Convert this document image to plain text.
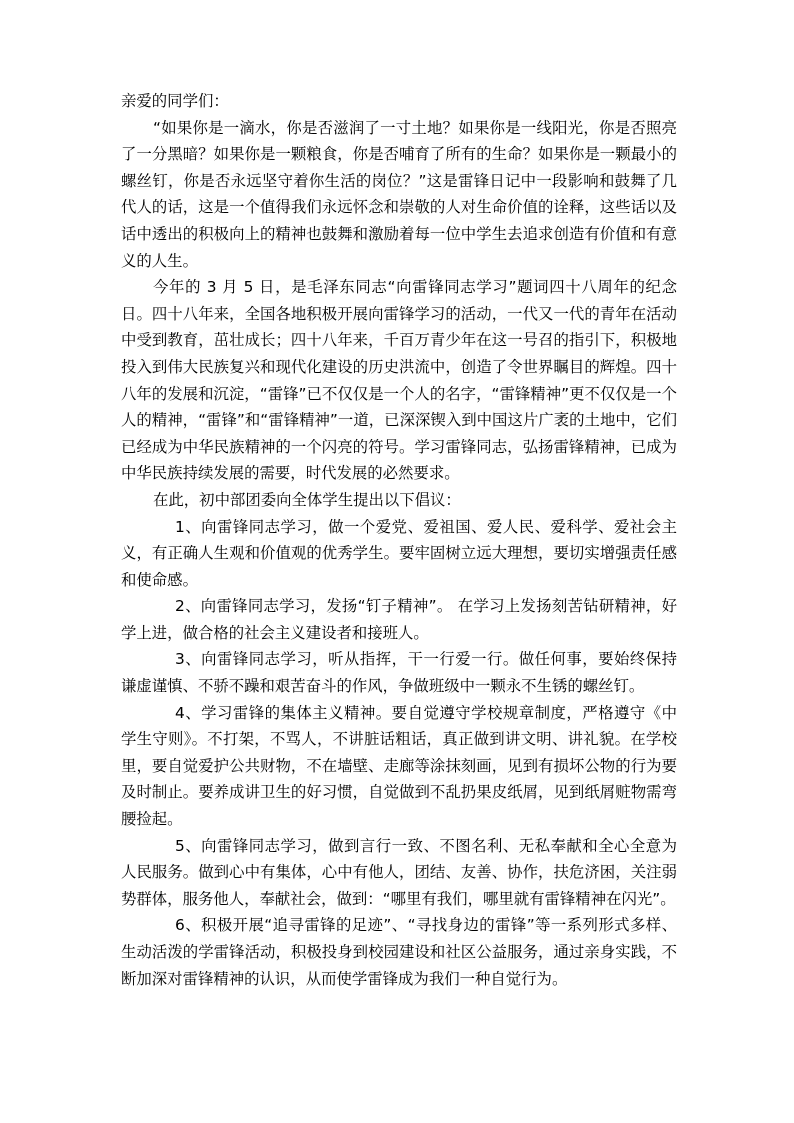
亲爱的同学们：

“如果你是一滴水，你是否滋润了一寸土地？如果你是一线阳光，你是否照亮了一分黑暗？如果你是一颗粮食，你是否哺育了所有的生命？如果你是一颗最小的螺丝钉，你是否永远坚守着你生活的岗位？”这是雷锋日记中一段影响和鼓舞了几代人的话，这是一个值得我们永远怀念和崇敬的人对生命价值的诠释，这些话以及话中透出的积极向上的精神也鼓舞和激励着每一位中学生去追求创造有价值和有意义的人生。

今年的 3 月 5 日，是毛泽东同志“向雷锋同志学习”题词四十八周年的纪念日。四十八年来，全国各地积极开展向雷锋学习的活动，一代又一代的青年在活动中受到教育，茁壮成长；四十八年来，千百万青少年在这一号召的指引下，积极地投入到伟大民族复兴和现代化建设的历史洪流中，创造了令世界瞩目的辉煌。四十八年的发展和沉淀，“雷锋”已不仅仅是一个人的名字，“雷锋精神”更不仅仅是一个人的精神，“雷锋”和“雷锋精神”一道，已深深锲入到中国这片广袤的土地中，它们已经成为中华民族精神的一个闪亮的符号。学习雷锋同志，弘扬雷锋精神，已成为中华民族持续发展的需要，时代发展的必然要求。

在此，初中部团委向全体学生提出以下倡议：

1、向雷锋同志学习，做一个爱党、爱祖国、爱人民、爱科学、爱社会主义，有正确人生观和价值观的优秀学生。要牢固树立远大理想，要切实增强责任感和使命感。

2、向雷锋同志学习，发扬“钉子精神”。 在学习上发扬刻苦钻研精神，好学上进，做合格的社会主义建设者和接班人。

3、向雷锋同志学习，听从指挥，干一行爱一行。做任何事，要始终保持谦虚谨慎、不骄不躁和艰苦奋斗的作风，争做班级中一颗永不生锈的螺丝钉。

4、学习雷锋的集体主义精神。要自觉遵守学校规章制度，严格遵守《中学生守则》。不打架，不骂人，不讲脏话粗话，真正做到讲文明、讲礼貌。在学校里，要自觉爱护公共财物，不在墙壁、走廊等涂抹刻画，见到有损坏公物的行为要及时制止。要养成讲卫生的好习惯，自觉做到不乱扔果皮纸屑，见到纸屑赃物需弯腰捡起。

5、向雷锋同志学习，做到言行一致、不图名利、无私奉献和全心全意为人民服务。做到心中有集体，心中有他人，团结、友善、协作，扶危济困，关注弱势群体，服务他人，奉献社会，做到：“哪里有我们，哪里就有雷锋精神在闪光”。

6、积极开展“追寻雷锋的足迹”、“寻找身边的雷锋”等一系列形式多样、生动活泼的学雷锋活动，积极投身到校园建设和社区公益服务，通过亲身实践，不断加深对雷锋精神的认识，从而使学雷锋成为我们一种自觉行为。
